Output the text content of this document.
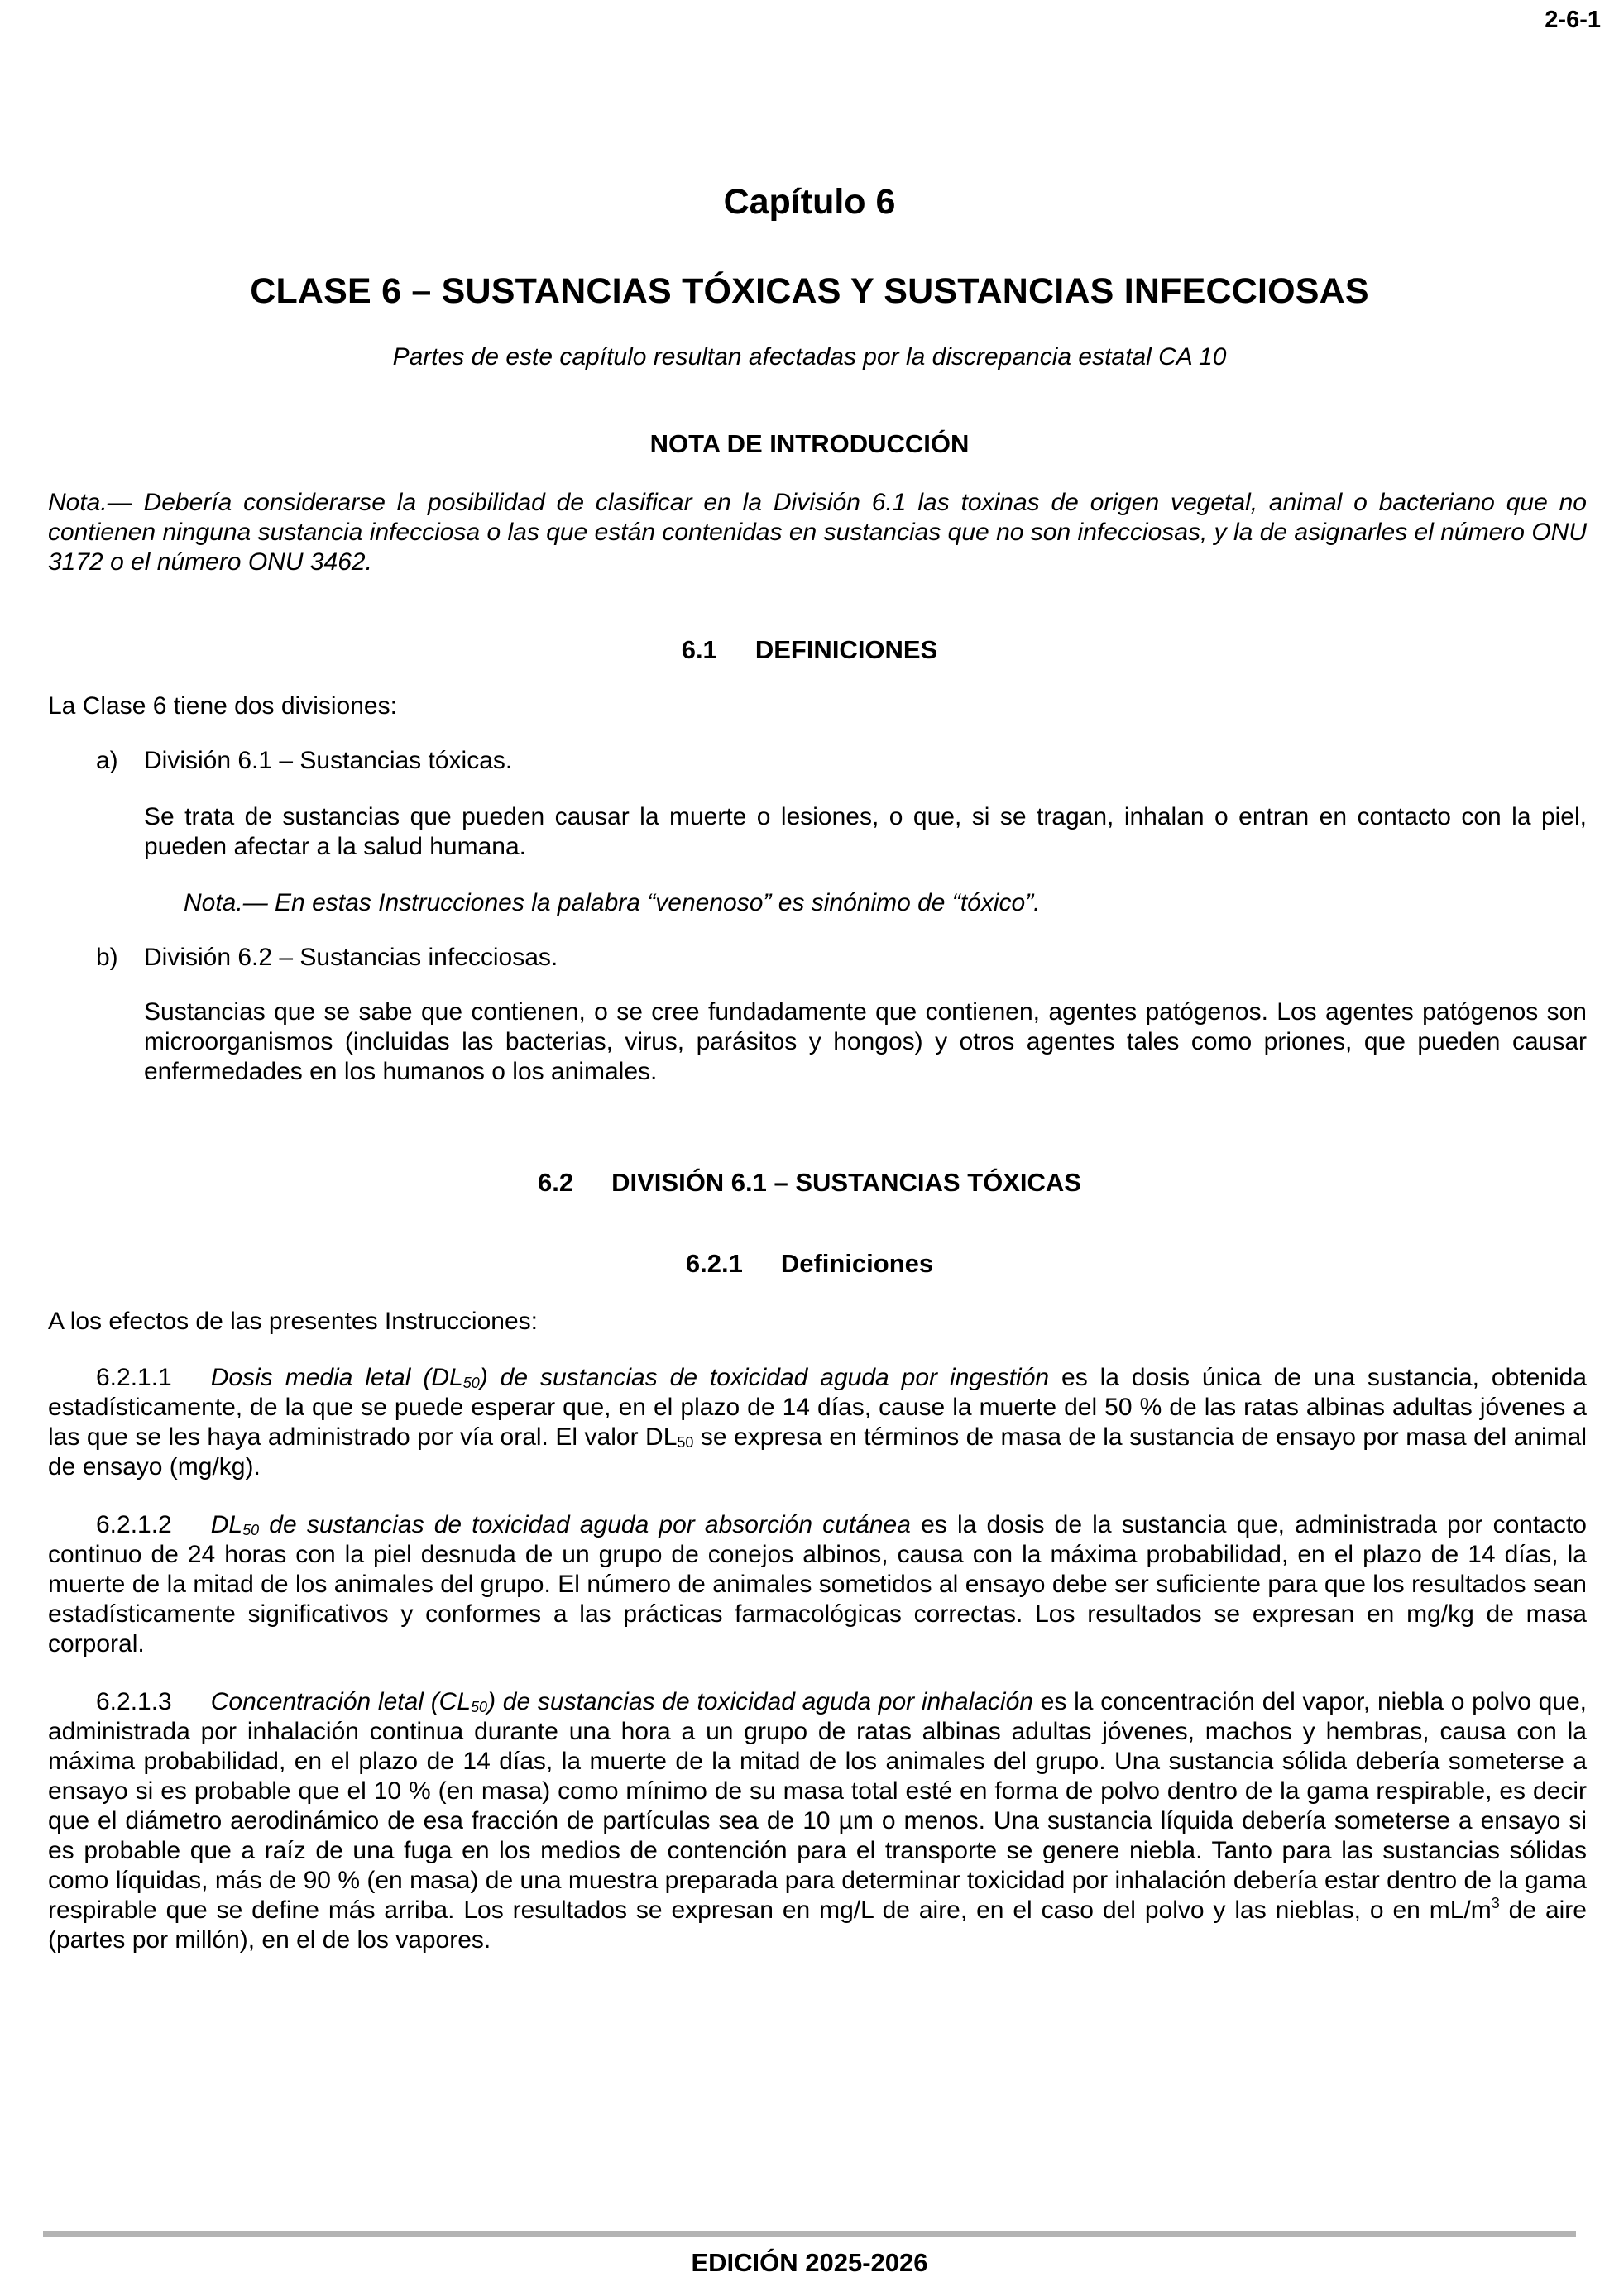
2-6-1
Capítulo 6
CLASE 6 – SUSTANCIAS TÓXICAS Y SUSTANCIAS INFECCIOSAS
Partes de este capítulo resultan afectadas por la discrepancia estatal CA 10
NOTA DE INTRODUCCIÓN
Nota.— Debería considerarse la posibilidad de clasificar en la División 6.1 las toxinas de origen vegetal, animal o bacteriano que no contienen ninguna sustancia infecciosa o las que están contenidas en sustancias que no son infecciosas, y la de asignarles el número ONU 3172 o el número ONU 3462.
6.1 DEFINICIONES
La Clase 6 tiene dos divisiones:
a) División 6.1 – Sustancias tóxicas.
Se trata de sustancias que pueden causar la muerte o lesiones, o que, si se tragan, inhalan o entran en contacto con la piel, pueden afectar a la salud humana.
Nota.— En estas Instrucciones la palabra “venenoso” es sinónimo de “tóxico”.
b) División 6.2 – Sustancias infecciosas.
Sustancias que se sabe que contienen, o se cree fundadamente que contienen, agentes patógenos. Los agentes patógenos son microorganismos (incluidas las bacterias, virus, parásitos y hongos) y otros agentes tales como priones, que pueden causar enfermedades en los humanos o los animales.
6.2 DIVISIÓN 6.1 – SUSTANCIAS TÓXICAS
6.2.1 Definiciones
A los efectos de las presentes Instrucciones:
6.2.1.1 Dosis media letal $(DL_{50})$ de sustancias de toxicidad aguda por ingestión es la dosis única de una sustancia, obtenida estadísticamente, de la que se puede esperar que, en el plazo de 14 días, cause la muerte del 50 % de las ratas albinas adultas jóvenes a las que se les haya administrado por vía oral. El valor $DL_{50}$ se expresa en términos de masa de la sustancia de ensayo por masa del animal de ensayo (mg/kg).
6.2.1.2 $DL_{50}$ de sustancias de toxicidad aguda por absorción cutánea es la dosis de la sustancia que, administrada por contacto continuo de 24 horas con la piel desnuda de un grupo de conejos albinos, causa con la máxima probabilidad, en el plazo de 14 días, la muerte de la mitad de los animales del grupo. El número de animales sometidos al ensayo debe ser suficiente para que los resultados sean estadísticamente significativos y conformes a las prácticas farmacológicas correctas. Los resultados se expresan en mg/kg de masa corporal.
6.2.1.3 Concentración letal $(CL_{50})$ de sustancias de toxicidad aguda por inhalación es la concentración del vapor, niebla o polvo que, administrada por inhalación continua durante una hora a un grupo de ratas albinas adultas jóvenes, machos y hembras, causa con la máxima probabilidad, en el plazo de 14 días, la muerte de la mitad de los animales del grupo. Una sustancia sólida debería someterse a ensayo si es probable que el 10 % (en masa) como mínimo de su masa total esté en forma de polvo dentro de la gama respirable, es decir que el diámetro aerodinámico de esa fracción de partículas sea de 10 µm o menos. Una sustancia líquida debería someterse a ensayo si es probable que a raíz de una fuga en los medios de contención para el transporte se genere niebla. Tanto para las sustancias sólidas como líquidas, más de 90 % (en masa) de una muestra preparada para determinar toxicidad por inhalación debería estar dentro de la gama respirable que se define más arriba. Los resultados se expresan en mg/L de aire, en el caso del polvo y las nieblas, o en $mL/m^3$ de aire (partes por millón), en el de los vapores.
EDICIÓN 2025-2026
